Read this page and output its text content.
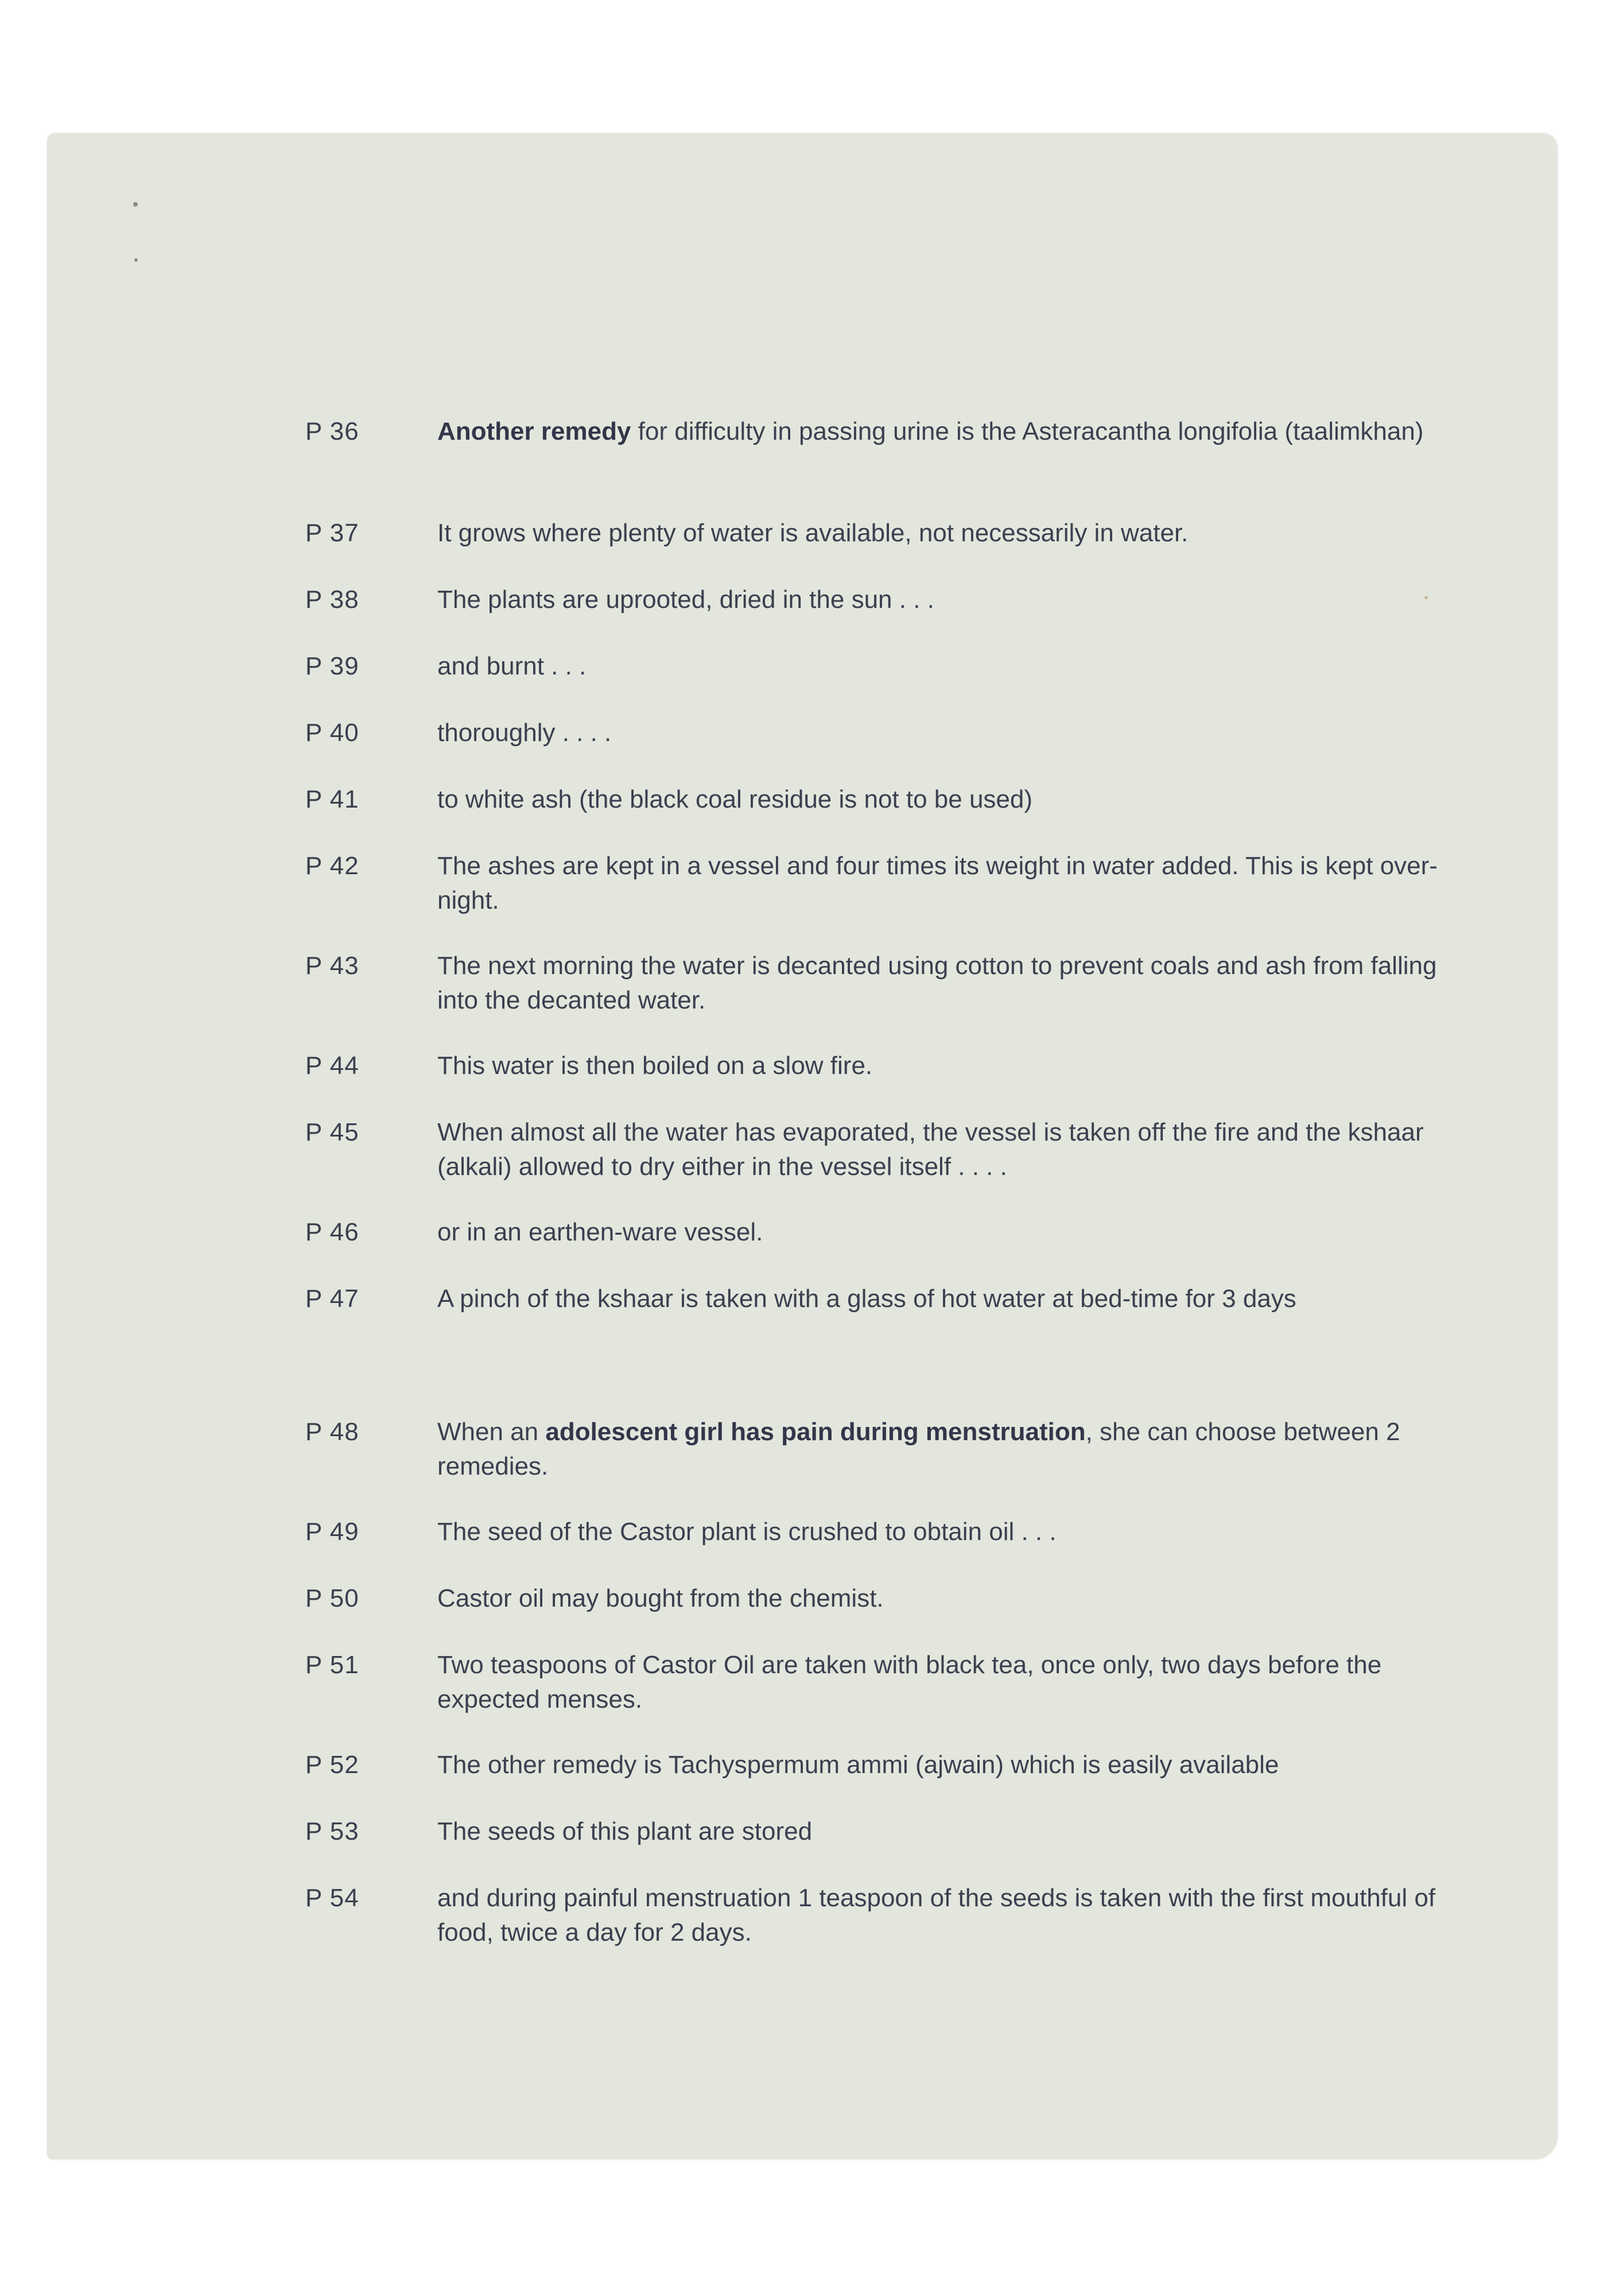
P 36	Another remedy for difficulty in passing urine is the Asteracantha longifolia (taalimkhan)
P 37	It grows where plenty of water is available, not necessarily in water.
P 38	The plants are uprooted, dried in the sun . . .
P 39	and burnt . . .
P 40	thoroughly . . . .
P 41	to white ash (the black coal residue is not to be used)
P 42	The ashes are kept in a vessel and four times its weight in water added. This is kept over-night.
P 43	The next morning the water is decanted using cotton to prevent coals and ash from falling into the decanted water.
P 44	This water is then boiled on a slow fire.
P 45	When almost all the water has evaporated, the vessel is taken off the fire and the kshaar (alkali) allowed to dry either in the vessel itself . . . .
P 46	or in an earthen-ware vessel.
P 47	A pinch of the kshaar is taken with a glass of hot water at bed-time for 3 days
P 48	When an adolescent girl has pain during menstruation, she can choose between 2 remedies.
P 49	The seed of the Castor plant is crushed to obtain oil . . .
P 50	Castor oil may bought from the chemist.
P 51	Two teaspoons of Castor Oil are taken with black tea, once only, two days before the expected menses.
P 52	The other remedy is Tachyspermum ammi (ajwain) which is easily available
P 53	The seeds of this plant are stored
P 54	and during painful menstruation 1 teaspoon of the seeds is taken with the first mouthful of food, twice a day for 2 days.
